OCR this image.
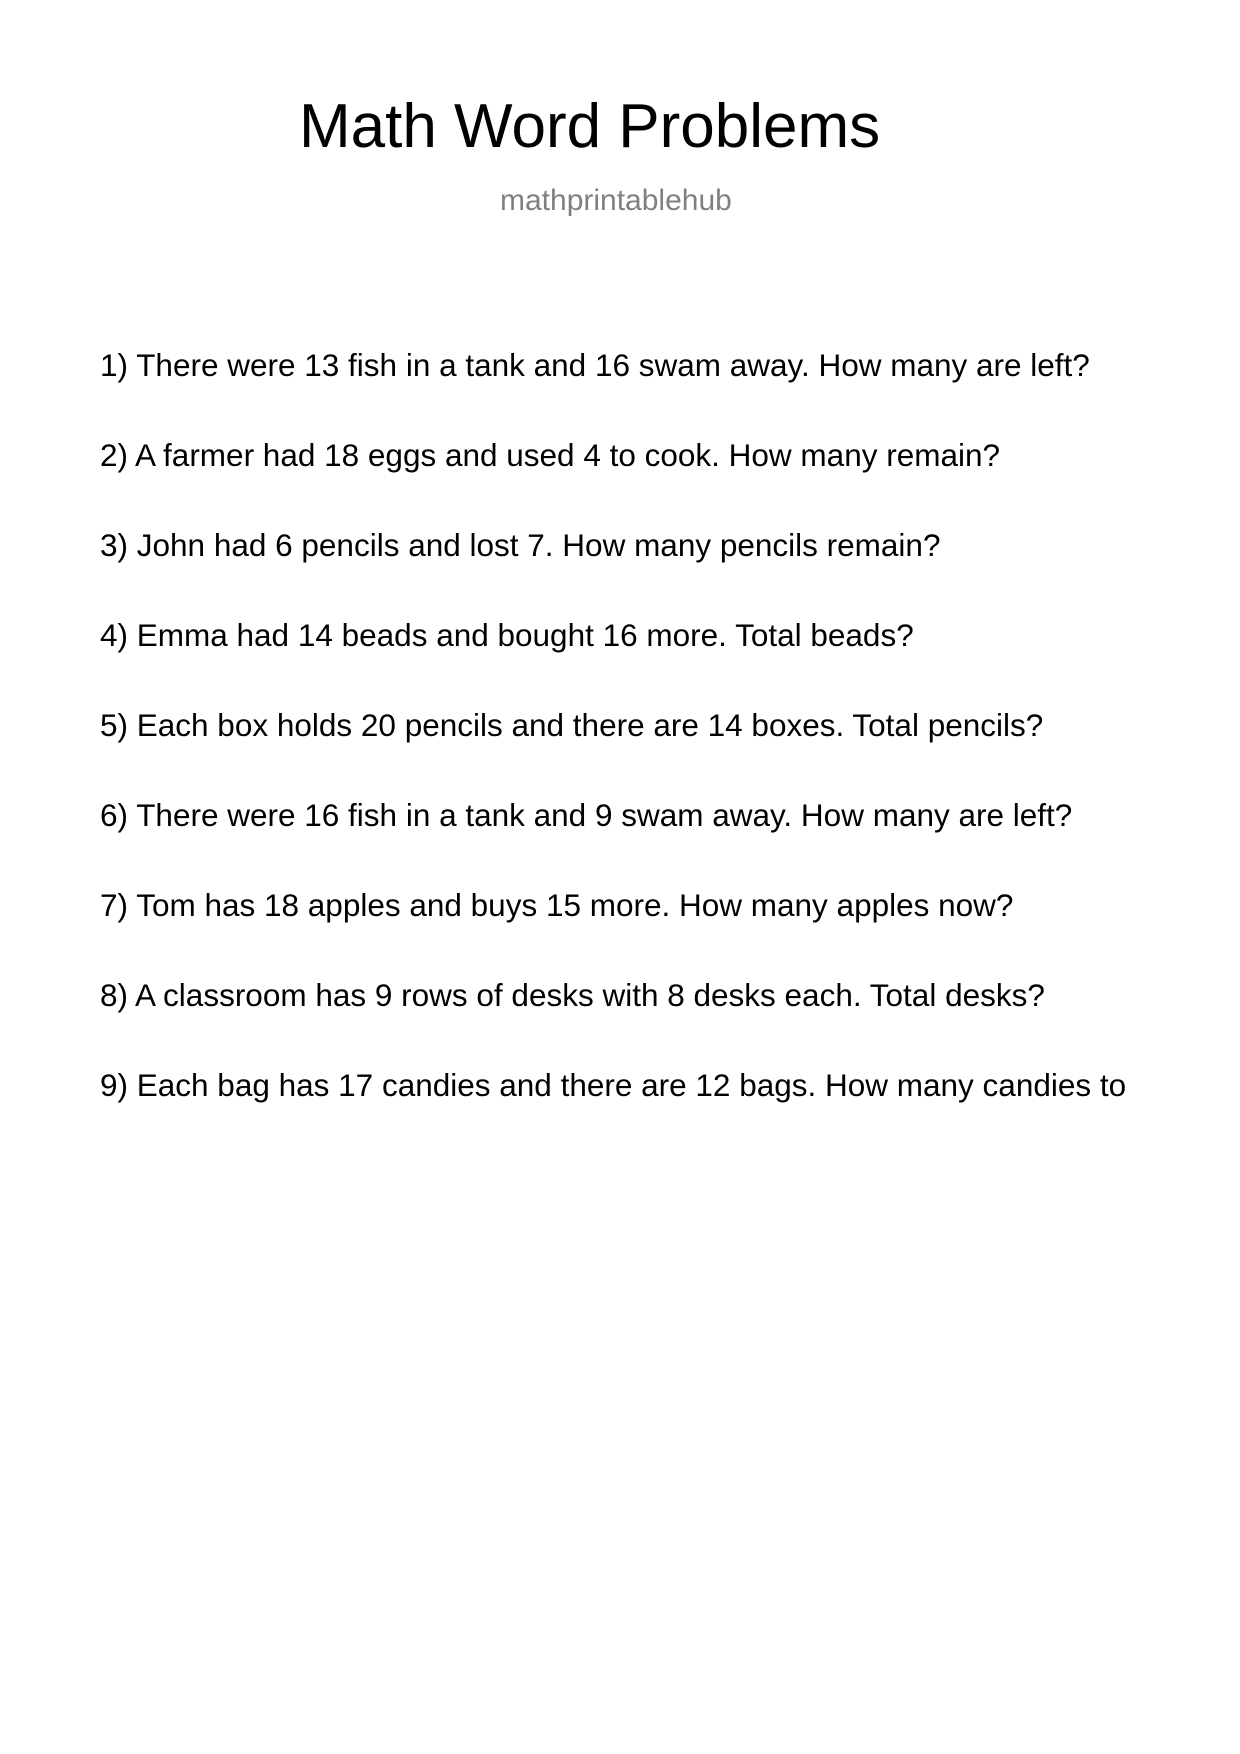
Math Word Problems
mathprintablehub
1) There were 13 fish in a tank and 16 swam away. How many are left?
2) A farmer had 18 eggs and used 4 to cook. How many remain?
3) John had 6 pencils and lost 7. How many pencils remain?
4) Emma had 14 beads and bought 16 more. Total beads?
5) Each box holds 20 pencils and there are 14 boxes. Total pencils?
6) There were 16 fish in a tank and 9 swam away. How many are left?
7) Tom has 18 apples and buys 15 more. How many apples now?
8) A classroom has 9 rows of desks with 8 desks each. Total desks?
9) Each bag has 17 candies and there are 12 bags. How many candies to
